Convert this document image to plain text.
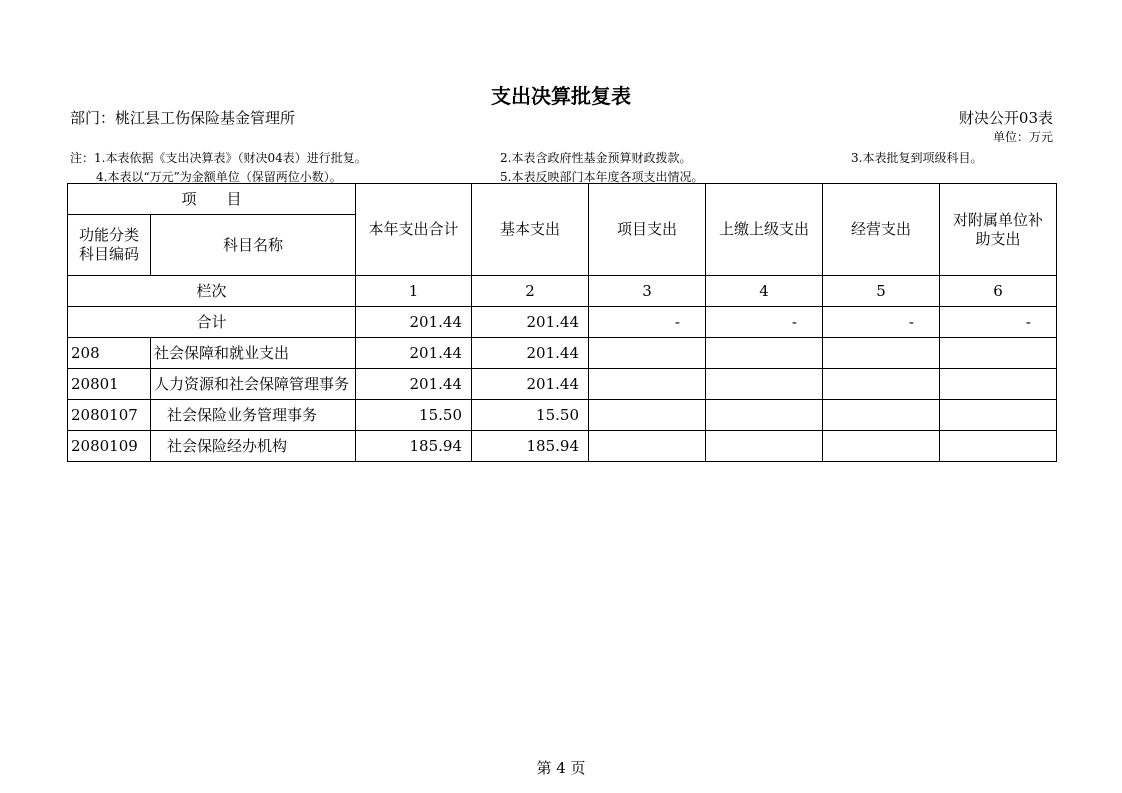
支出决算批复表
部门：桃江县工伤保险基金管理所	财决公开03表
单位：万元
注：1.本表依据《支出决算表》（财决04表）进行批复。	2.本表含政府性基金预算财政拨款。	3.本表批复到项级科目。
4.本表以“万元”为金额单位（保留两位小数）。	5.本表反映部门本年度各项支出情况。
项　　目		本年支出合计	基本支出	项目支出	上缴上级支出	经营支出	对附属单位补助支出
功能分类科目编码	科目名称						
栏次		1	2	3	4	5	6
合计		201.44	201.44	-	-	-	-
208	社会保障和就业支出	201.44	201.44				
20801	人力资源和社会保障管理事务	201.44	201.44				
2080107	社会保险业务管理事务	15.50	15.50				
2080109	社会保险经办机构	185.94	185.94				
第 4 页
